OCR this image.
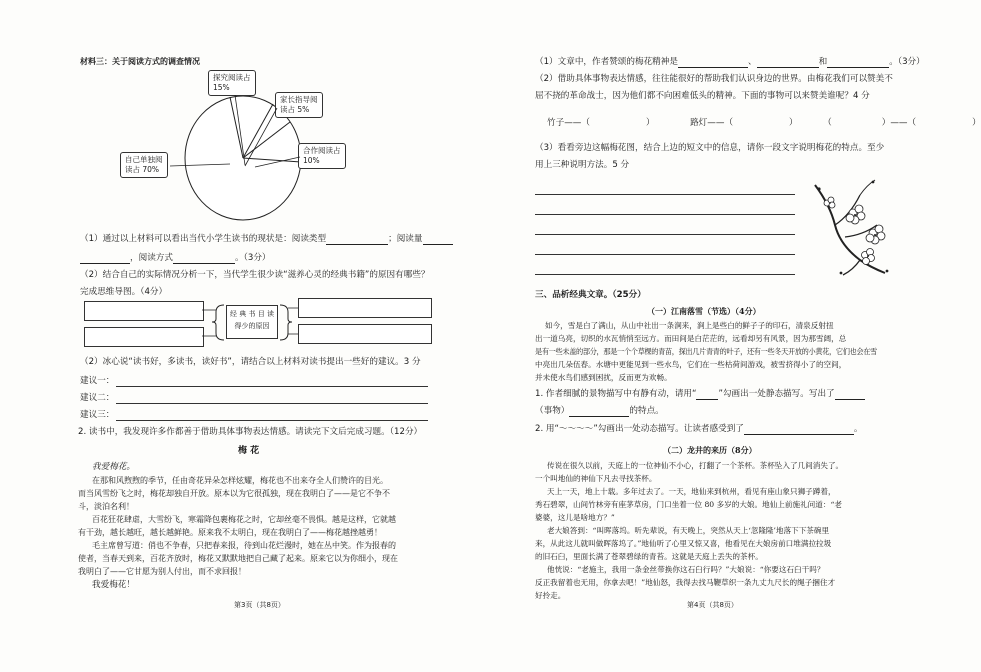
材料三：关于阅读方式的调查情况
探究阅读占
15%
家长指导阅
读占 5%
合作阅读占
10%
自己单独阅
读占 70%
（1）通过以上材料可以看出当代小学生读书的现状是：阅读类型	；阅读量
，阅读方式	。（3分）
（2）结合自己的实际情况分析一下，当代学生很少读“滋养心灵的经典书籍”的原因有哪些？
完成思维导图。（4分）
经 典 书 目 读
得少的原因
（2）冰心说“读书好，多读书，读好书”，请结合以上材料对读书提出一些好的建议。3 分
建议一：
建议二：
建议三：
2. 读书中，我发现许多作都善于借助具体事物表达情感。请读完下文后完成习题。（12分）
梅 花
我爱梅花。
在那和风煦煦的季节，任由奇花异朵怎样炫耀，梅花也不出来夺全人们赞许的目光。
而当风雪纷飞之时，梅花却独自开放。原本以为它很孤独，现在我明白了——是它不争不
斗，淡泊名利！
百花狂花肆虐，大雪纷飞，寒霜降包裹梅花之时，它却丝毫不畏惧。越是这样，它就越
有干劲，越长越旺，越长越鲜艳。原来我不太明白，现在我明白了——梅花越挫越勇！
毛主席曾写道：俏也不争春，只把春来报，待到山花烂漫时，她在丛中笑。作为报春的
使者，当春天到来，百花齐放时，梅花又默默地把自己藏了起来。原来它以为你细小，现在
我明白了——它甘愿为别人付出，而不求回报！
我爱梅花！
第3页（共8页）
（1）文章中，作者赞颂的梅花精神是	、	和	。（3分）
（2）借助具体事物表达情感，往往能很好的帮助我们认识身边的世界。由梅花我们可以赞美不
屈不挠的革命战士，因为他们都不向困难低头的精神。下面的事物可以来赞美谁呢？4 分
竹子——（	）	路灯——（	）	（	）——（	）
（3）看看旁边这幅梅花图，结合上边的短文中的信息，请你一段文字说明梅花的特点。至少
用上三种说明方法。5 分
三、品析经典文章。（25分）
（一）江南落雪（节选）（4分）
如今，雪是白了满山，从山中社出一条涧来，涧上是些白的鲜子子的印石，清泉反射扭
出一道乌亮，切织的水瓦悄悄至远方。而田间是白茫茫的，远看却另有风景，因为那雪阔，总
是有一些未盖的部分，那是一个个草棵的青苗，探出几片青青的叶子，还有一些冬天开放的小黄花，它们也会在雪
中亮出几朵伍春。水塘中更能见到一些水鸟，它们在一些枯荷间游戏，被雪挤得小了的空间，
并未使水鸟们感到困扰，反而更为欢畅。
1. 作者细腻的景物描写中有静有动，请用“	”勾画出一处静态描写。写出了
（事物）	的特点。
2. 用“～～～～”勾画出一处动态描写。让读者感受到了	。
（二）龙井的来历（8分）
传说在很久以前，天庭上的一位神仙不小心，打翻了一个茶杯。茶杯坠入了几间消失了。
一个叫地仙的神仙下凡去寻找茶杯。
天上一天，地上十载。多年过去了。一天，地仙来到杭州，看见有座山象只狮子蹲着，
秀石碧翠，山间竹林旁有座茅草房，门口坐着一位 80 多岁的大娘。地仙上前施礼问道：“老
婆婆，这儿是啥地方？”
老大娘答到：“叫晖落坞。听先辈说，有天晚上，突然从天上‘忽隆隆’地落下下茶碗里
来，从此这儿就叫做晖落坞了。”地仙听了心里又惊又喜，他看见在大娘房前口堆满拉拉圾
的旧石臼，里面长满了苍翠碧绿的青苔。这就是天庭上丢失的茶杯。
他恍说：“老施主，我用一条金丝带换你这石臼行吗？”大娘说：“你要这石臼干吗？
反正我留着也无用，你拿去吧！”地仙怒，我得去找马鞭草织一条九丈九尺长的绳子捆住才
好拎走。
第4页（共8页）
